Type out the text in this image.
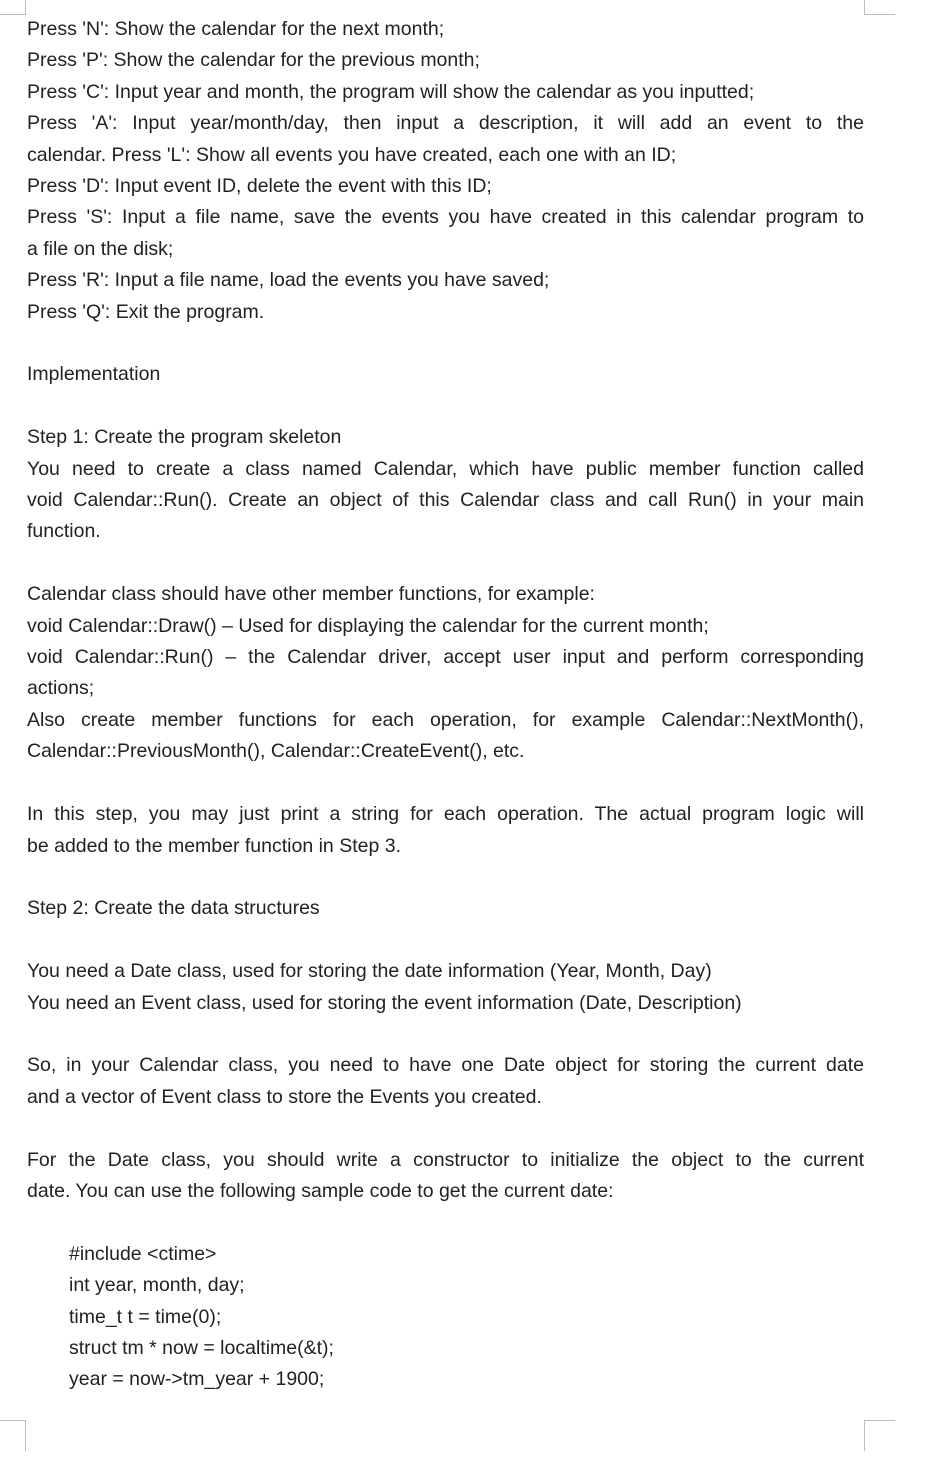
Press 'N': Show the calendar for the next month;
Press 'P': Show the calendar for the previous month;
Press 'C': Input year and month, the program will show the calendar as you inputted;
Press 'A': Input year/month/day, then input a description, it will add an event to the
calendar. Press 'L': Show all events you have created, each one with an ID;
Press 'D': Input event ID, delete the event with this ID;
Press 'S': Input a file name, save the events you have created in this calendar program to
a file on the disk;
Press 'R': Input a file name, load the events you have saved;
Press 'Q': Exit the program.
Implementation
Step 1: Create the program skeleton
You need to create a class named Calendar, which have public member function called
void Calendar::Run(). Create an object of this Calendar class and call Run() in your main
function.
Calendar class should have other member functions, for example:
void Calendar::Draw() – Used for displaying the calendar for the current month;
void Calendar::Run() – the Calendar driver, accept user input and perform corresponding
actions;
Also create member functions for each operation, for example Calendar::NextMonth(),
Calendar::PreviousMonth(), Calendar::CreateEvent(), etc.
In this step, you may just print a string for each operation. The actual program logic will
be added to the member function in Step 3.
Step 2: Create the data structures
You need a Date class, used for storing the date information (Year, Month, Day)
You need an Event class, used for storing the event information (Date, Description)
So, in your Calendar class, you need to have one Date object for storing the current date
and a vector of Event class to store the Events you created.
For the Date class, you should write a constructor to initialize the object to the current
date. You can use the following sample code to get the current date:
#include <ctime>
int year, month, day;
time_t t = time(0);
struct tm * now = localtime(&t);
year = now->tm_year + 1900;
